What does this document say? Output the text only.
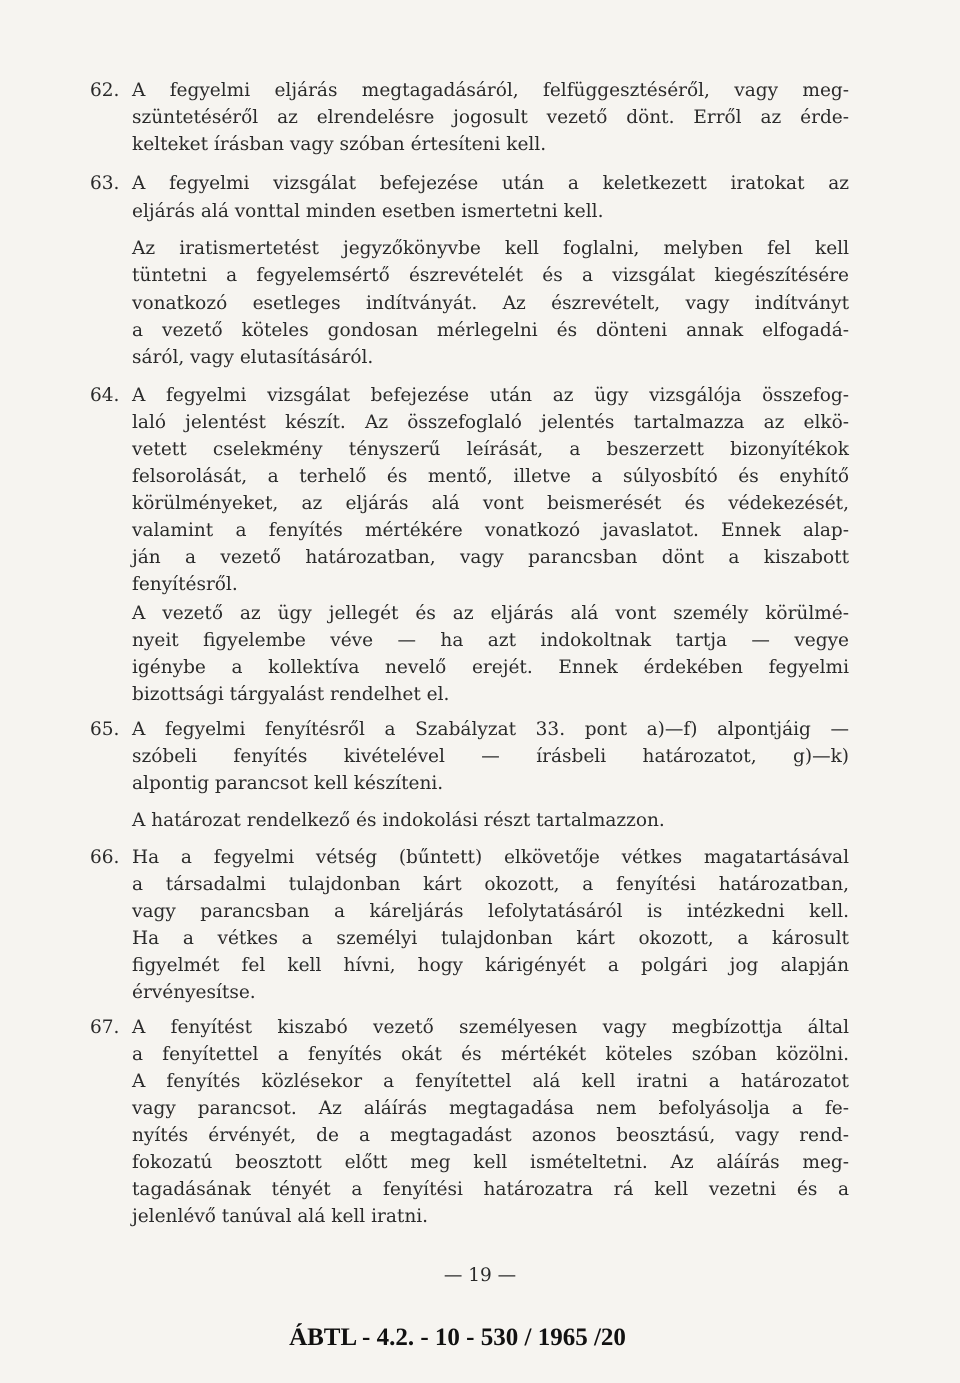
62. A fegyelmi eljárás megtagadásáról, felfüggesztéséről, vagy meg-
szüntetéséről az elrendelésre jogosult vezető dönt. Erről az érde-
kelteket írásban vagy szóban értesíteni kell.
63. A fegyelmi vizsgálat befejezése után a keletkezett iratokat az
eljárás alá vonttal minden esetben ismertetni kell.
Az iratismertetést jegyzőkönyvbe kell foglalni, melyben fel kell
tüntetni a fegyelemsértő észrevételét és a vizsgálat kiegészítésére
vonatkozó esetleges indítványát. Az észrevételt, vagy indítványt
a vezető köteles gondosan mérlegelni és dönteni annak elfogadá-
sáról, vagy elutasításáról.
64. A fegyelmi vizsgálat befejezése után az ügy vizsgálója összefog-
laló jelentést készít. Az összefoglaló jelentés tartalmazza az elkö-
vetett cselekmény tényszerű leírását, a beszerzett bizonyítékok
felsorolását, a terhelő és mentő, illetve a súlyosbító és enyhítő
körülményeket, az eljárás alá vont beismerését és védekezését,
valamint a fenyítés mértékére vonatkozó javaslatot. Ennek alap-
ján a vezető határozatban, vagy parancsban dönt a kiszabott
fenyítésről.
A vezető az ügy jellegét és az eljárás alá vont személy körülmé-
nyeit figyelembe véve — ha azt indokoltnak tartja — vegye
igénybe a kollektíva nevelő erejét. Ennek érdekében fegyelmi
bizottsági tárgyalást rendelhet el.
65. A fegyelmi fenyítésről a Szabályzat 33. pont a)—f) alpontjáig —
szóbeli fenyítés kivételével — írásbeli határozatot, g)—k)
alpontig parancsot kell készíteni.
A határozat rendelkező és indokolási részt tartalmazzon.
66. Ha a fegyelmi vétség (bűntett) elkövetője vétkes magatartásával
a társadalmi tulajdonban kárt okozott, a fenyítési határozatban,
vagy parancsban a káreljárás lefolytatásáról is intézkedni kell.
Ha a vétkes a személyi tulajdonban kárt okozott, a károsult
figyelmét fel kell hívni, hogy kárigényét a polgári jog alapján
érvényesítse.
67. A fenyítést kiszabó vezető személyesen vagy megbízottja által
a fenyítettel a fenyítés okát és mértékét köteles szóban közölni.
A fenyítés közlésekor a fenyítettel alá kell iratni a határozatot
vagy parancsot. Az aláírás megtagadása nem befolyásolja a fe-
nyítés érvényét, de a megtagadást azonos beosztású, vagy rend-
fokozatú beosztott előtt meg kell ismételtetni. Az aláírás meg-
tagadásának tényét a fenyítési határozatra rá kell vezetni és a
jelenlévő tanúval alá kell iratni.
— 19 —
ÁBTL - 4.2. - 10 - 530 / 1965 /20
